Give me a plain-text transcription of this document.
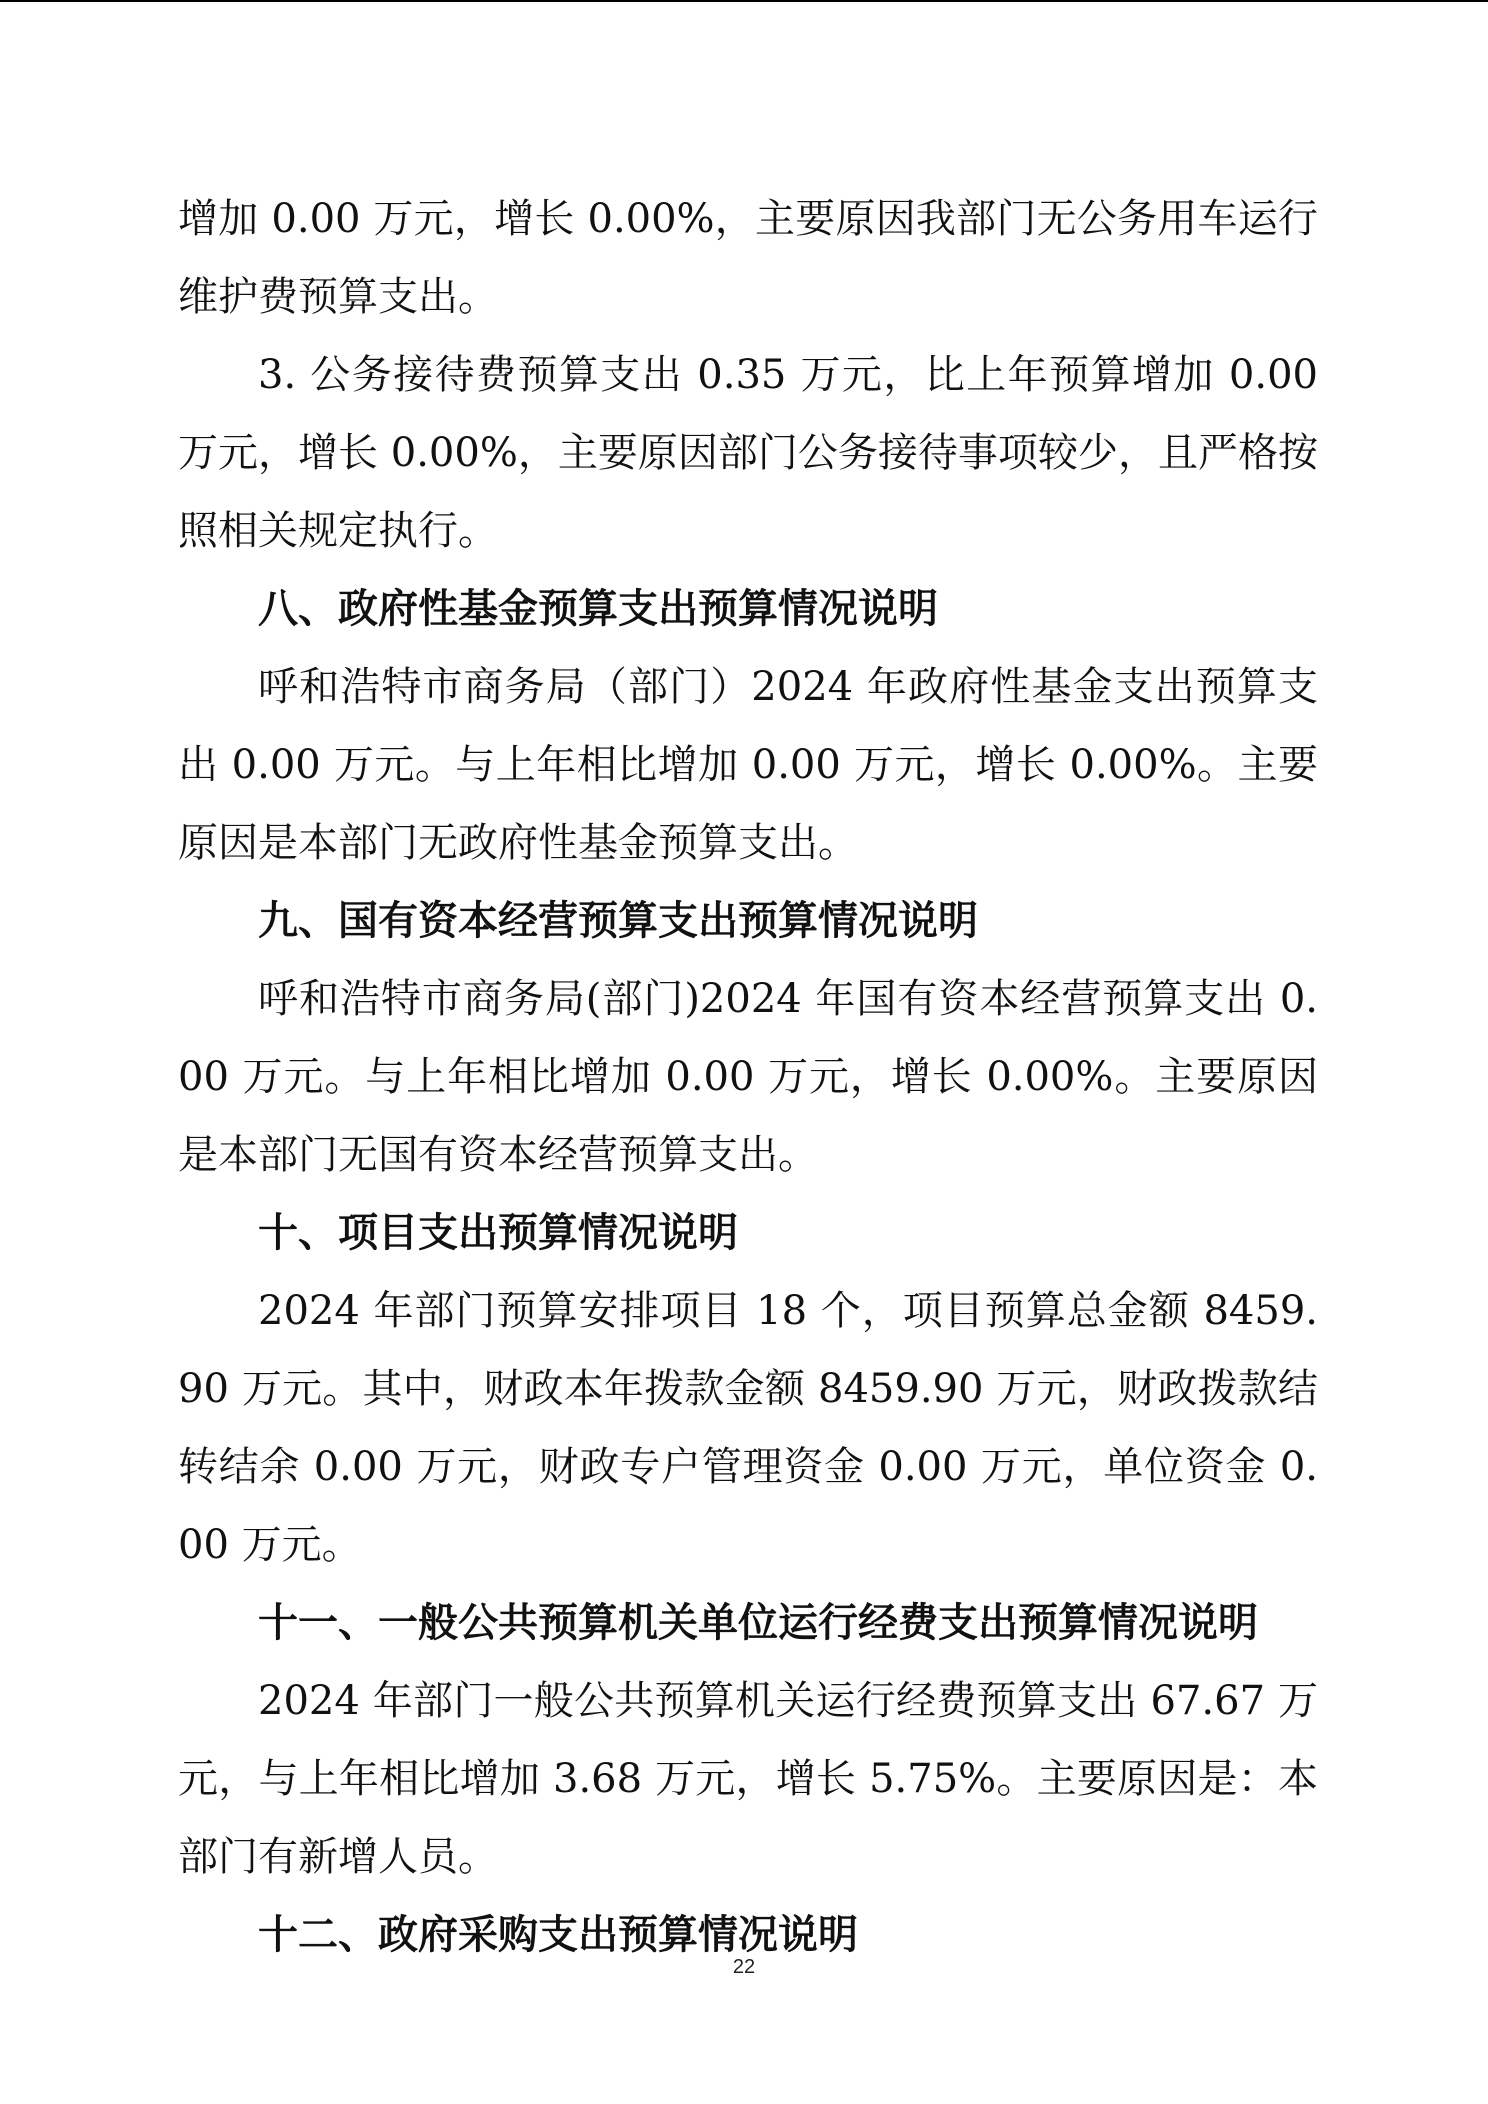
增加 0.00 万元，增长 0.00%，主要原因我部门无公务用车运行维护费预算支出。

3. 公务接待费预算支出 0.35 万元，比上年预算增加 0.00 万元，增长 0.00%，主要原因部门公务接待事项较少，且严格按照相关规定执行。

八、政府性基金预算支出预算情况说明

呼和浩特市商务局（部门）2024 年政府性基金支出预算支出 0.00 万元。与上年相比增加 0.00 万元，增长 0.00%。主要原因是本部门无政府性基金预算支出。

九、国有资本经营预算支出预算情况说明

呼和浩特市商务局(部门)2024 年国有资本经营预算支出 0.00 万元。与上年相比增加 0.00 万元，增长 0.00%。主要原因是本部门无国有资本经营预算支出。

十、项目支出预算情况说明

2024 年部门预算安排项目 18 个，项目预算总金额 8459.90 万元。其中，财政本年拨款金额 8459.90 万元，财政拨款结转结余 0.00 万元，财政专户管理资金 0.00 万元，单位资金 0.00 万元。

十一、一般公共预算机关单位运行经费支出预算情况说明

2024 年部门一般公共预算机关运行经费预算支出 67.67 万元，与上年相比增加 3.68 万元，增长 5.75%。主要原因是：本部门有新增人员。

十二、政府采购支出预算情况说明
22
